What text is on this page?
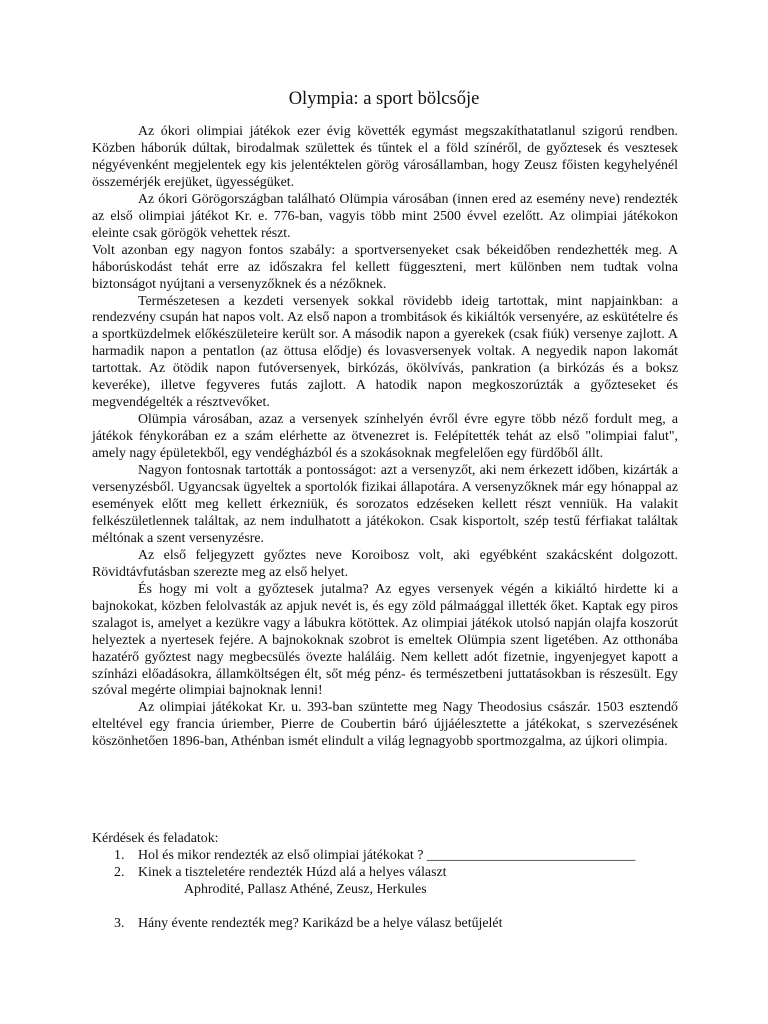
Olympia: a sport bölcsője

Az ókori olimpiai játékok ezer évig követték egymást megszakíthatatlanul szigorú rendben. Közben háborúk dúltak, birodalmak születtek és tűntek el a föld színéről, de győztesek és vesztesek négyévenként megjelentek egy kis jelentéktelen görög városállamban, hogy Zeusz főisten kegyhelyénél összemérjék erejüket, ügyességüket.

Az ókori Görögországban található Olümpia városában (innen ered az esemény neve) rendezték az első olimpiai játékot Kr. e. 776-ban, vagyis több mint 2500 évvel ezelőtt. Az olimpiai játékokon eleinte csak görögök vehettek részt.

Volt azonban egy nagyon fontos szabály: a sportversenyeket csak békeidőben rendezhették meg. A háborúskodást tehát erre az időszakra fel kellett függeszteni, mert különben nem tudtak volna biztonságot nyújtani a versenyzőknek és a nézőknek.

Természetesen a kezdeti versenyek sokkal rövidebb ideig tartottak, mint napjainkban: a rendezvény csupán hat napos volt. Az első napon a trombitások és kikiáltók versenyére, az eskütételre és a sportküzdelmek előkészületeire került sor. A második napon a gyerekek (csak fiúk) versenye zajlott. A harmadik napon a pentatlon (az öttusa elődje) és lovasversenyek voltak. A negyedik napon lakomát tartottak. Az ötödik napon futóversenyek, birkózás, ökölvívás, pankration (a birkózás és a boksz keveréke), illetve fegyveres futás zajlott. A hatodik napon megkoszorúzták a győzteseket és megvendégelték a résztvevőket.

Olümpia városában, azaz a versenyek színhelyén évről évre egyre több néző fordult meg, a játékok fénykorában ez a szám elérhette az ötvenezret is. Felépítették tehát az első "olimpiai falut", amely nagy épületekből, egy vendégházból és a szokásoknak megfelelően egy fürdőből állt.

Nagyon fontosnak tartották a pontosságot: azt a versenyzőt, aki nem érkezett időben, kizárták a versenyzésből. Ugyancsak ügyeltek a sportolók fizikai állapotára. A versenyzőknek már egy hónappal az események előtt meg kellett érkezniük, és sorozatos edzéseken kellett részt venniük. Ha valakit felkészületlennek találtak, az nem indulhatott a játékokon. Csak kisportolt, szép testű férfiakat találtak méltónak a szent versenyzésre.

Az első feljegyzett győztes neve Koroibosz volt, aki egyébként szakácsként dolgozott. Rövidtávfutásban szerezte meg az első helyet.

És hogy mi volt a győztesek jutalma? Az egyes versenyek végén a kikiáltó hirdette ki a bajnokokat, közben felolvasták az apjuk nevét is, és egy zöld pálmaággal illették őket. Kaptak egy piros szalagot is, amelyet a kezükre vagy a lábukra kötöttek. Az olimpiai játékok utolsó napján olajfa koszorút helyeztek a nyertesek fejére. A bajnokoknak szobrot is emeltek Olümpia szent ligetében. Az otthonába hazatérő győztest nagy megbecsülés övezte haláláig. Nem kellett adót fizetnie, ingyenjegyet kapott a színházi előadásokra, államköltségen élt, sőt még pénz- és természetbeni juttatásokban is részesült. Egy szóval megérte olimpiai bajnoknak lenni!

Az olimpiai játékokat Kr. u. 393-ban szüntette meg Nagy Theodosius császár. 1503 esztendő elteltével egy francia úriember, Pierre de Coubertin báró újjáélesztette a játékokat, s szervezésének köszönhetően 1896-ban, Athénban ismét elindult a világ legnagyobb sportmozgalma, az újkori olimpia.

Kérdések és feladatok:

1. Hol és mikor rendezték az első olimpiai játékokat ? ______________________________
2. Kinek a tiszteletére rendezték Húzd alá a helyes választ
Aphrodité, Pallasz Athéné, Zeusz, Herkules
3. Hány évente rendezték meg? Karikázd be a helye válasz betűjelét
